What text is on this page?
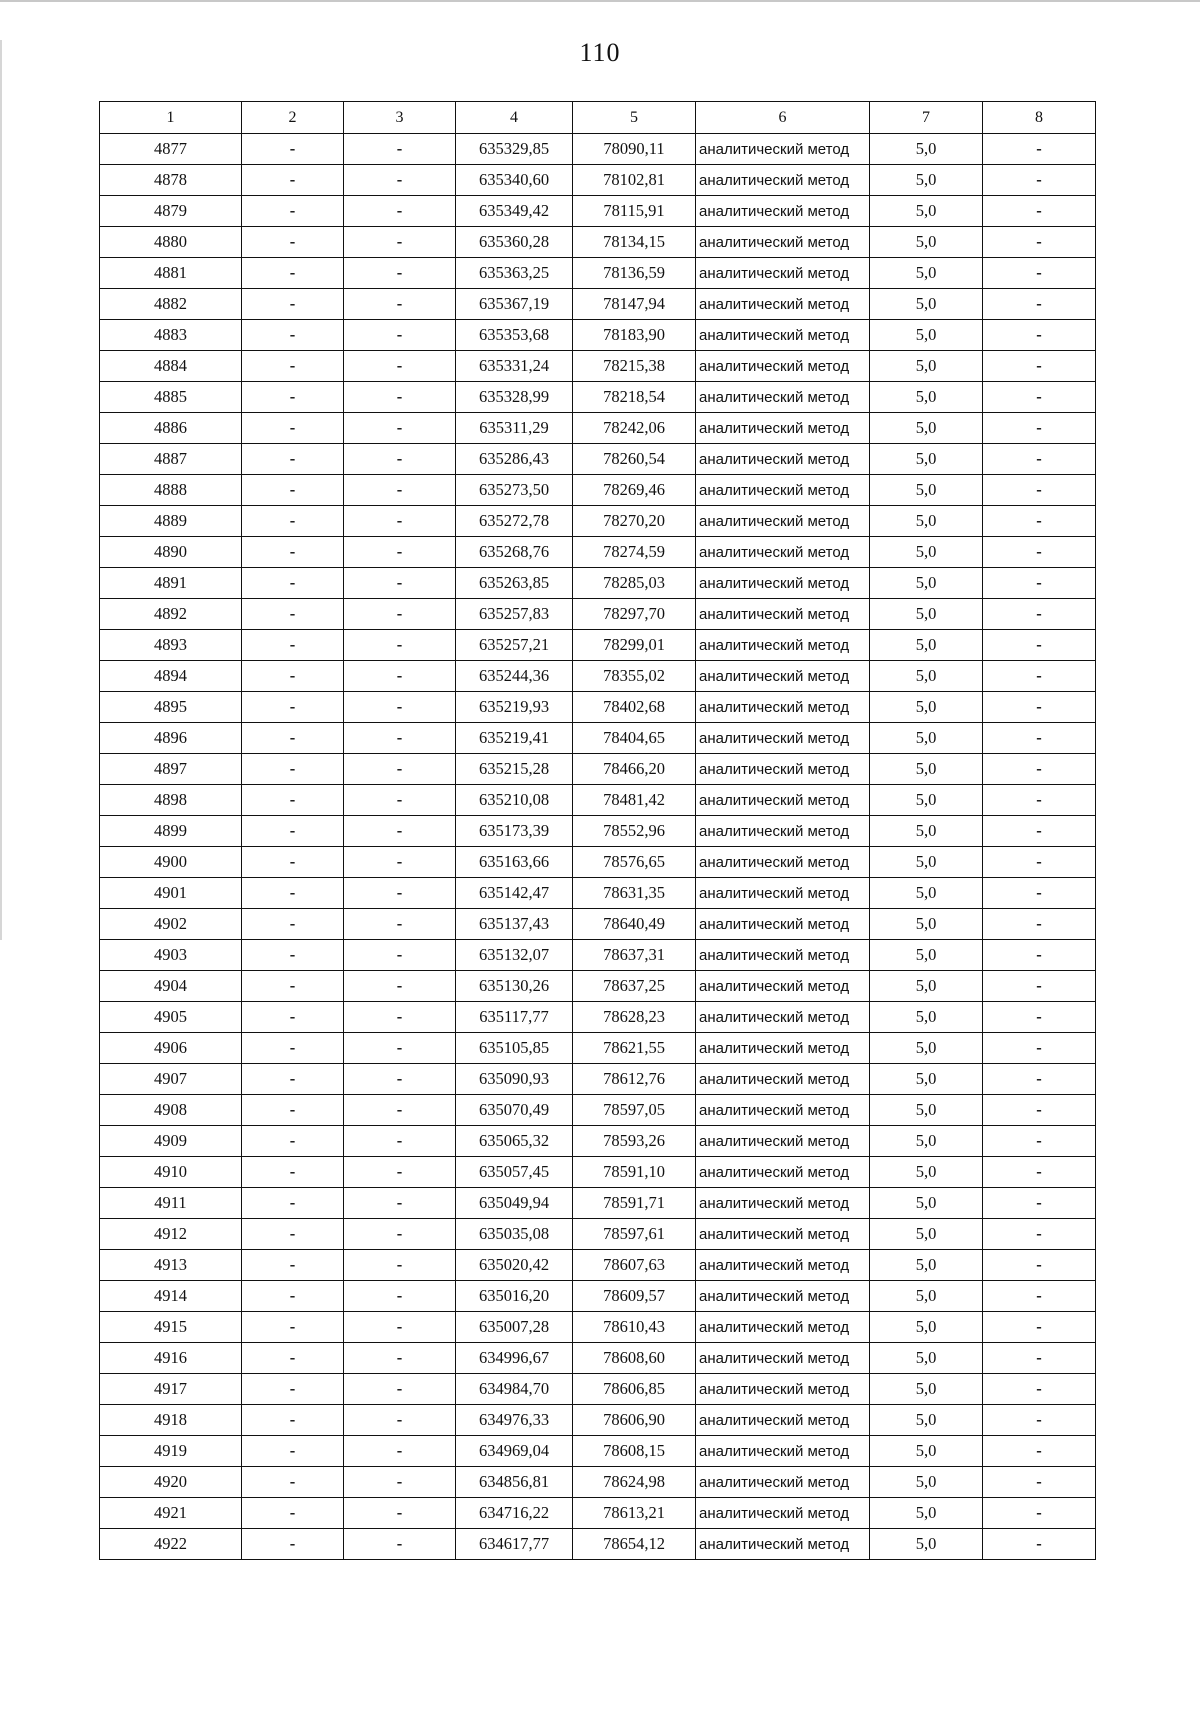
110
1	2	3	4	5	6	7	8
4877	-	-	635329,85	78090,11	аналитический метод	5,0	-
4878	-	-	635340,60	78102,81	аналитический метод	5,0	-
4879	-	-	635349,42	78115,91	аналитический метод	5,0	-
4880	-	-	635360,28	78134,15	аналитический метод	5,0	-
4881	-	-	635363,25	78136,59	аналитический метод	5,0	-
4882	-	-	635367,19	78147,94	аналитический метод	5,0	-
4883	-	-	635353,68	78183,90	аналитический метод	5,0	-
4884	-	-	635331,24	78215,38	аналитический метод	5,0	-
4885	-	-	635328,99	78218,54	аналитический метод	5,0	-
4886	-	-	635311,29	78242,06	аналитический метод	5,0	-
4887	-	-	635286,43	78260,54	аналитический метод	5,0	-
4888	-	-	635273,50	78269,46	аналитический метод	5,0	-
4889	-	-	635272,78	78270,20	аналитический метод	5,0	-
4890	-	-	635268,76	78274,59	аналитический метод	5,0	-
4891	-	-	635263,85	78285,03	аналитический метод	5,0	-
4892	-	-	635257,83	78297,70	аналитический метод	5,0	-
4893	-	-	635257,21	78299,01	аналитический метод	5,0	-
4894	-	-	635244,36	78355,02	аналитический метод	5,0	-
4895	-	-	635219,93	78402,68	аналитический метод	5,0	-
4896	-	-	635219,41	78404,65	аналитический метод	5,0	-
4897	-	-	635215,28	78466,20	аналитический метод	5,0	-
4898	-	-	635210,08	78481,42	аналитический метод	5,0	-
4899	-	-	635173,39	78552,96	аналитический метод	5,0	-
4900	-	-	635163,66	78576,65	аналитический метод	5,0	-
4901	-	-	635142,47	78631,35	аналитический метод	5,0	-
4902	-	-	635137,43	78640,49	аналитический метод	5,0	-
4903	-	-	635132,07	78637,31	аналитический метод	5,0	-
4904	-	-	635130,26	78637,25	аналитический метод	5,0	-
4905	-	-	635117,77	78628,23	аналитический метод	5,0	-
4906	-	-	635105,85	78621,55	аналитический метод	5,0	-
4907	-	-	635090,93	78612,76	аналитический метод	5,0	-
4908	-	-	635070,49	78597,05	аналитический метод	5,0	-
4909	-	-	635065,32	78593,26	аналитический метод	5,0	-
4910	-	-	635057,45	78591,10	аналитический метод	5,0	-
4911	-	-	635049,94	78591,71	аналитический метод	5,0	-
4912	-	-	635035,08	78597,61	аналитический метод	5,0	-
4913	-	-	635020,42	78607,63	аналитический метод	5,0	-
4914	-	-	635016,20	78609,57	аналитический метод	5,0	-
4915	-	-	635007,28	78610,43	аналитический метод	5,0	-
4916	-	-	634996,67	78608,60	аналитический метод	5,0	-
4917	-	-	634984,70	78606,85	аналитический метод	5,0	-
4918	-	-	634976,33	78606,90	аналитический метод	5,0	-
4919	-	-	634969,04	78608,15	аналитический метод	5,0	-
4920	-	-	634856,81	78624,98	аналитический метод	5,0	-
4921	-	-	634716,22	78613,21	аналитический метод	5,0	-
4922	-	-	634617,77	78654,12	аналитический метод	5,0	-
